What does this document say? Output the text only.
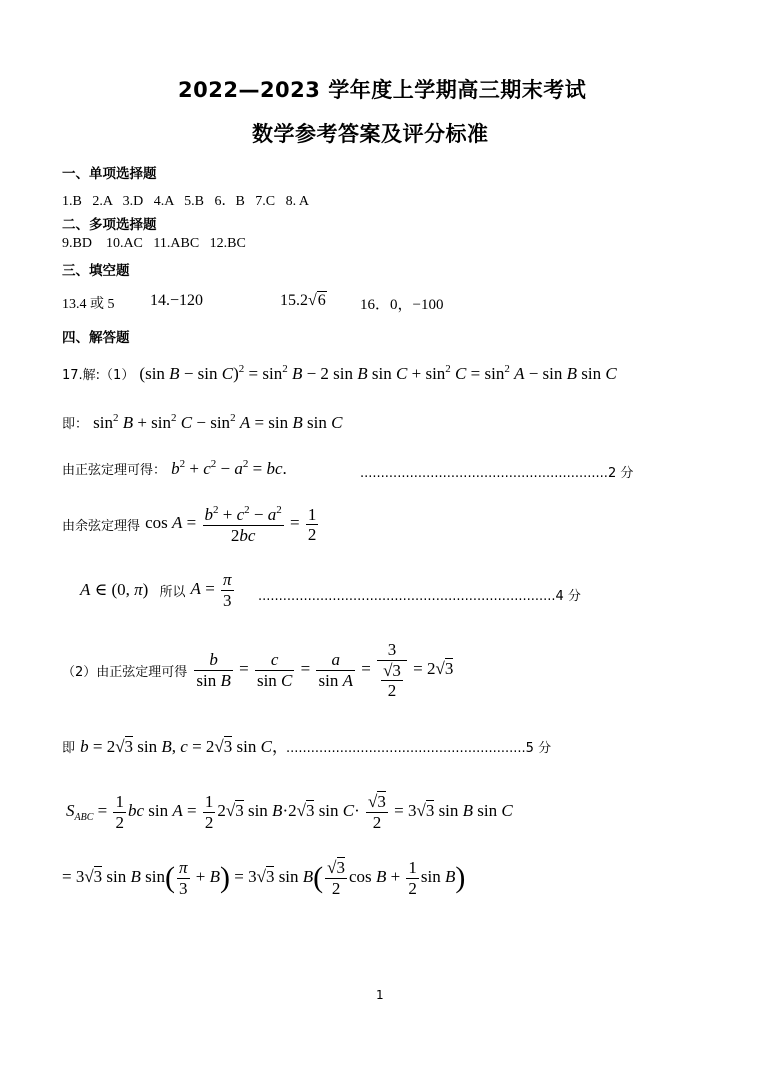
2022—2023 学年度上学期高三期末考试
数学参考答案及评分标准
一、单项选择题
1.B   2.A   3.D   4.A   5.B   6．B   7.C   8. A
二、多项选择题
9.BD    10.AC   11.ABC   12.BC
三、填空题
13.4 或 5 14.−120	15.2√6 16．0，−100
四、解答题
17.解:（1） (sin $B - \sin C)^2 = \sin^2 B - 2$ sin B $\sin C + \sin^2 C = \sin^2 A - \sin B$ sin C
即： $\sin^2 B + \sin^2 C - \sin^2 A = \sin B$ sin C
由正弦定理可得： $b^2 + c^2 - a^2$ = bc.	............................................................2 分
由余弦定理得 $\cos A = \frac{b^2 + c^2 - a^2}{2bc} = \frac{1}{2}$
A ∈ (0, π) 所以 $A = \frac{\pi}{3} ........................................................................4$ 分
（2）由正弦定理可得 $\frac{b}{\text{sin B}} = \frac{c}{\text{sin C}} = \frac{a}{\text{sin A}} = \frac{3}{\frac{√3}{2}} = 2√3$
即 b = 2√3 sin B, c = 2√3 sin C，
..........................................................5 分
$S_{ABC} = \frac{1}{2}$ bc $\sin A = \frac{1}{2} 2√3$ sin B·2√3 $\sin C\cdot \frac{√3}{2} = 3√3$ sin B sin C
= 3√3 sin B $\sin( \frac{\pi}{3} + B) = 3√3$ $\sin B( \frac{√3}{2}$ $\cos B + \frac{1}{2}$ sin B)
1
